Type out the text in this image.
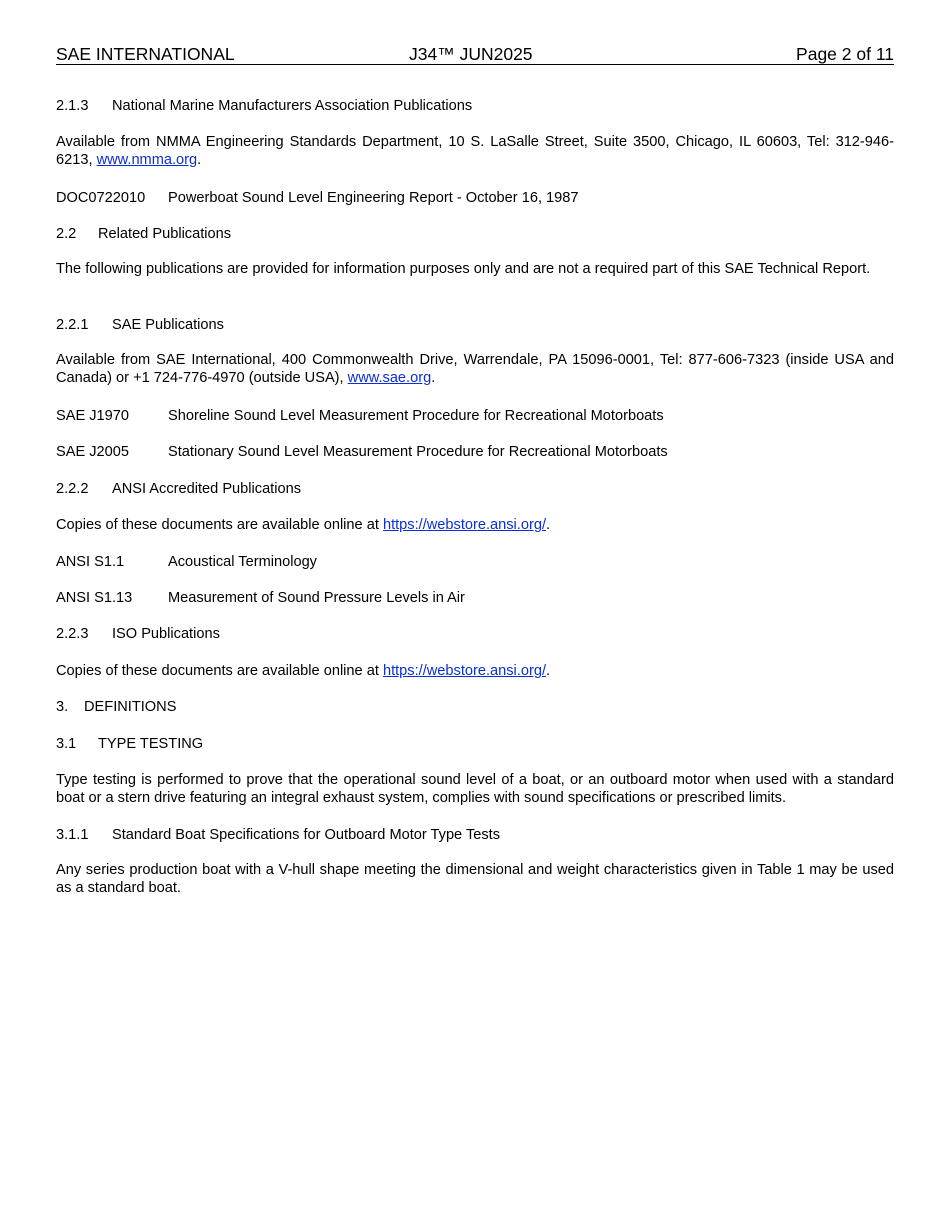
SAE INTERNATIONAL	J34™ JUN2025	Page 2 of 11
2.1.3 National Marine Manufacturers Association Publications
Available from NMMA Engineering Standards Department, 10 S. LaSalle Street, Suite 3500, Chicago, IL 60603, Tel: 312-946-6213, www.nmma.org.
DOC0722010 Powerboat Sound Level Engineering Report - October 16, 1987
2.2 Related Publications
The following publications are provided for information purposes only and are not a required part of this SAE Technical Report.
2.2.1 SAE Publications
Available from SAE International, 400 Commonwealth Drive, Warrendale, PA 15096-0001, Tel: 877-606-7323 (inside USA and Canada) or +1 724-776-4970 (outside USA), www.sae.org.
SAE J1970	Shoreline Sound Level Measurement Procedure for Recreational Motorboats
SAE J2005	Stationary Sound Level Measurement Procedure for Recreational Motorboats
2.2.2 ANSI Accredited Publications
Copies of these documents are available online at https://webstore.ansi.org/.
ANSI S1.1	Acoustical Terminology
ANSI S1.13 Measurement of Sound Pressure Levels in Air
2.2.3 ISO Publications
Copies of these documents are available online at https://webstore.ansi.org/.
3. DEFINITIONS
3.1 TYPE TESTING
Type testing is performed to prove that the operational sound level of a boat, or an outboard motor when used with a standard boat or a stern drive featuring an integral exhaust system, complies with sound specifications or prescribed limits.
3.1.1 Standard Boat Specifications for Outboard Motor Type Tests
Any series production boat with a V-hull shape meeting the dimensional and weight characteristics given in Table 1 may be used as a standard boat.
